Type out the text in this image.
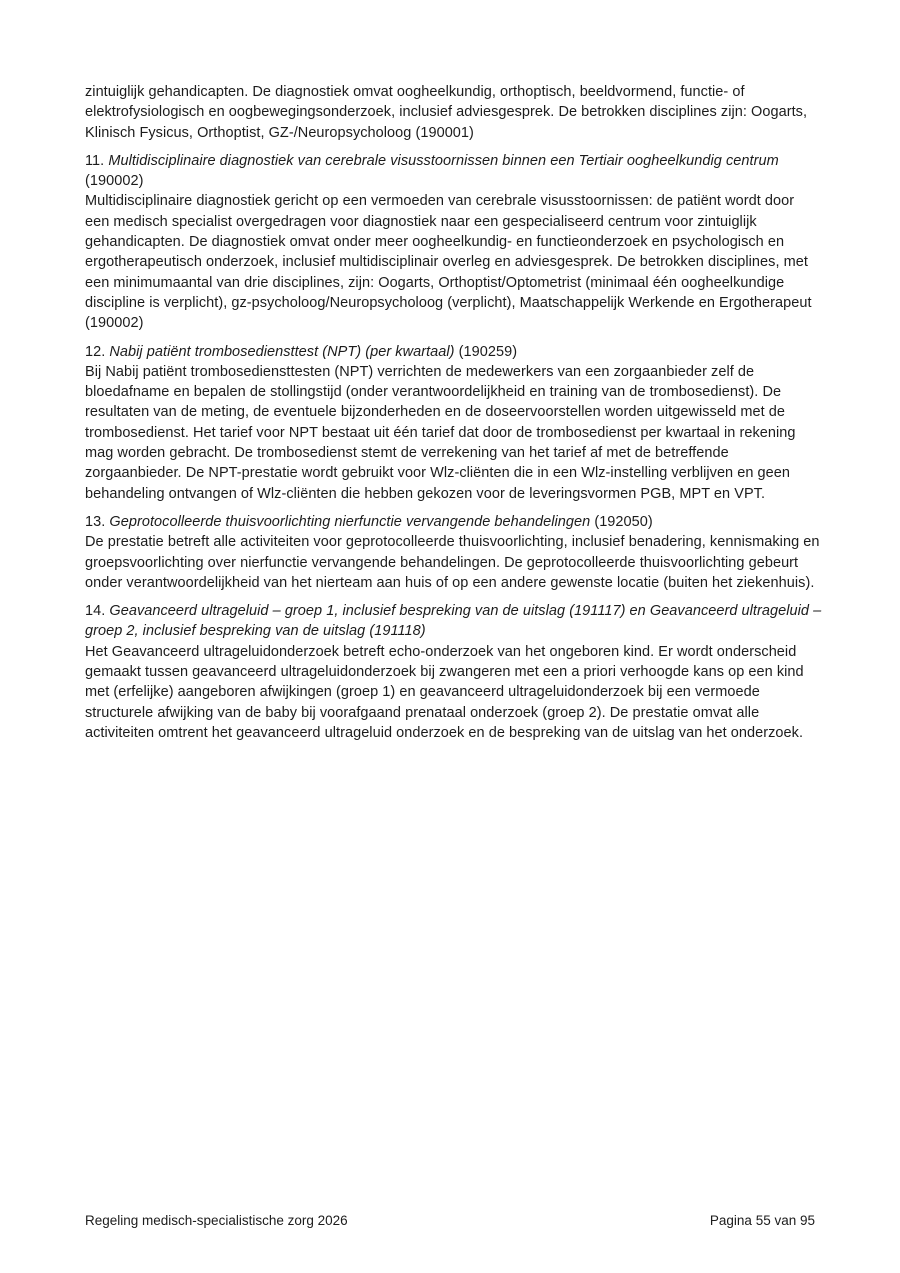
zintuiglijk gehandicapten. De diagnostiek omvat oogheelkundig, orthoptisch, beeldvormend, functie- of elektrofysiologisch en oogbewegingsonderzoek, inclusief adviesgesprek. De betrokken disciplines zijn: Oogarts, Klinisch Fysicus, Orthoptist, GZ-/Neuropsycholoog (190001)

11. Multidisciplinaire diagnostiek van cerebrale visusstoornissen binnen een Tertiair oogheelkundig centrum (190002)
Multidisciplinaire diagnostiek gericht op een vermoeden van cerebrale visusstoornissen: de patiënt wordt door een medisch specialist overgedragen voor diagnostiek naar een gespecialiseerd centrum voor zintuiglijk gehandicapten. De diagnostiek omvat onder meer oogheelkundig- en functieonderzoek en psychologisch en ergotherapeutisch onderzoek, inclusief multidisciplinair overleg en adviesgesprek. De betrokken disciplines, met een minimumaantal van drie disciplines, zijn: Oogarts, Orthoptist/Optometrist (minimaal één oogheelkundige discipline is verplicht), gz-psycholoog/Neuropsycholoog (verplicht), Maatschappelijk Werkende en Ergotherapeut (190002)
12. Nabij patiënt trombosediensttest (NPT) (per kwartaal) (190259)
Bij Nabij patiënt trombosediensttesten (NPT) verrichten de medewerkers van een zorgaanbieder zelf de bloedafname en bepalen de stollingstijd (onder verantwoordelijkheid en training van de trombosedienst). De resultaten van de meting, de eventuele bijzonderheden en de doseervoorstellen worden uitgewisseld met de trombosedienst. Het tarief voor NPT bestaat uit één tarief dat door de trombosedienst per kwartaal in rekening mag worden gebracht. De trombosedienst stemt de verrekening van het tarief af met de betreffende zorgaanbieder. De NPT-prestatie wordt gebruikt voor Wlz-cliënten die in een Wlz-instelling verblijven en geen behandeling ontvangen of Wlz-cliënten die hebben gekozen voor de leveringsvormen PGB, MPT en VPT.
13. Geprotocolleerde thuisvoorlichting nierfunctie vervangende behandelingen (192050)
De prestatie betreft alle activiteiten voor geprotocolleerde thuisvoorlichting, inclusief benadering, kennismaking en groepsvoorlichting over nierfunctie vervangende behandelingen. De geprotocolleerde thuisvoorlichting gebeurt onder verantwoordelijkheid van het nierteam aan huis of op een andere gewenste locatie (buiten het ziekenhuis).
14. Geavanceerd ultrageluid – groep 1, inclusief bespreking van de uitslag (191117) en Geavanceerd ultrageluid – groep 2, inclusief bespreking van de uitslag (191118)
Het Geavanceerd ultrageluidonderzoek betreft echo-onderzoek van het ongeboren kind. Er wordt onderscheid gemaakt tussen geavanceerd ultrageluidonderzoek bij zwangeren met een a priori verhoogde kans op een kind met (erfelijke) aangeboren afwijkingen (groep 1) en geavanceerd ultrageluidonderzoek bij een vermoede structurele afwijking van de baby bij voorafgaand prenataal onderzoek (groep 2). De prestatie omvat alle activiteiten omtrent het geavanceerd ultrageluid onderzoek en de bespreking van de uitslag van het onderzoek.
Regeling medisch-specialistische zorg 2026	Pagina 55 van 95
